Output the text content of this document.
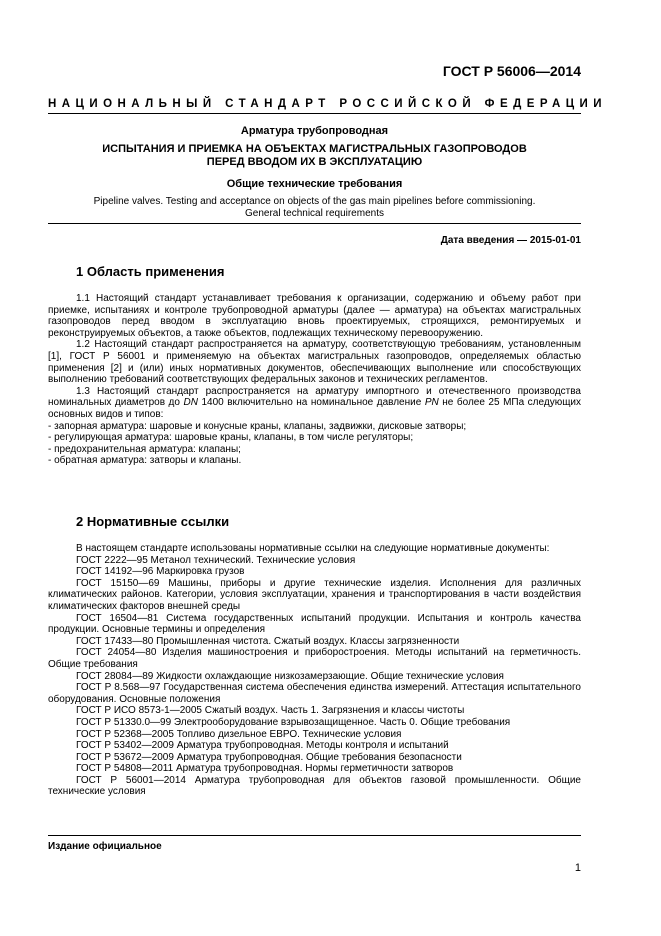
ГОСТ Р 56006—2014
НАЦИОНАЛЬНЫЙ СТАНДАРТ РОССИЙСКОЙ ФЕДЕРАЦИИ
Арматура трубопроводная
ИСПЫТАНИЯ И ПРИЕМКА НА ОБЪЕКТАХ МАГИСТРАЛЬНЫХ ГАЗОПРОВОДОВ
ПЕРЕД ВВОДОМ ИХ В ЭКСПЛУАТАЦИЮ
Общие технические требования
Pipeline valves. Testing and acceptance on objects of the gas main pipelines before commissioning.
General technical requirements
Дата введения — 2015-01-01
1 Область применения

1.1 Настоящий стандарт устанавливает требования к организации, содержанию и объему работ при приемке, испытаниях и контроле трубопроводной арматуры (далее — арматура) на объектах магистральных газопроводов перед вводом в эксплуатацию вновь проектируемых, строящихся, ремонтируемых и реконструируемых объектов, а также объектов, подлежащих техническому перевооружению.

1.2 Настоящий стандарт распространяется на арматуру, соответствующую требованиям, установленным [1], ГОСТ Р 56001 и применяемую на объектах магистральных газопроводов, определяемых областью применения [2] и (или) иных нормативных документов, обеспечивающих выполнение или способствующих выполнению требований соответствующих федеральных законов и технических регламентов.

1.3 Настоящий стандарт распространяется на арматуру импортного и отечественного производства номинальных диаметров до DN 1400 включительно на номинальное давление PN не более 25 МПа следующих основных видов и типов:

- запорная арматура: шаровые и конусные краны, клапаны, задвижки, дисковые затворы;

- регулирующая арматура: шаровые краны, клапаны, в том числе регуляторы;

- предохранительная арматура: клапаны;

- обратная арматура: затворы и клапаны.

2 Нормативные ссылки

В настоящем стандарте использованы нормативные ссылки на следующие нормативные документы:

ГОСТ 2222—95 Метанол технический. Технические условия

ГОСТ 14192—96 Маркировка грузов

ГОСТ 15150—69 Машины, приборы и другие технические изделия. Исполнения для различных климатических районов. Категории, условия эксплуатации, хранения и транспортирования в части воздействия климатических факторов внешней среды

ГОСТ 16504—81 Система государственных испытаний продукции. Испытания и контроль качества продукции. Основные термины и определения

ГОСТ 17433—80 Промышленная чистота. Сжатый воздух. Классы загрязненности

ГОСТ 24054—80 Изделия машиностроения и приборостроения. Методы испытаний на герметичность. Общие требования

ГОСТ 28084—89 Жидкости охлаждающие низкозамерзающие. Общие технические условия

ГОСТ Р 8.568—97 Государственная система обеспечения единства измерений. Аттестация испытательного оборудования. Основные положения

ГОСТ Р ИСО 8573-1—2005 Сжатый воздух. Часть 1. Загрязнения и классы чистоты

ГОСТ Р 51330.0—99 Электрооборудование взрывозащищенное. Часть 0. Общие требования

ГОСТ Р 52368—2005 Топливо дизельное ЕВРО. Технические условия

ГОСТ Р 53402—2009 Арматура трубопроводная. Методы контроля и испытаний

ГОСТ Р 53672—2009 Арматура трубопроводная. Общие требования безопасности

ГОСТ Р 54808—2011 Арматура трубопроводная. Нормы герметичности затворов

ГОСТ Р 56001—2014 Арматура трубопроводная для объектов газовой промышленности. Общие технические условия

Издание официальное
1
